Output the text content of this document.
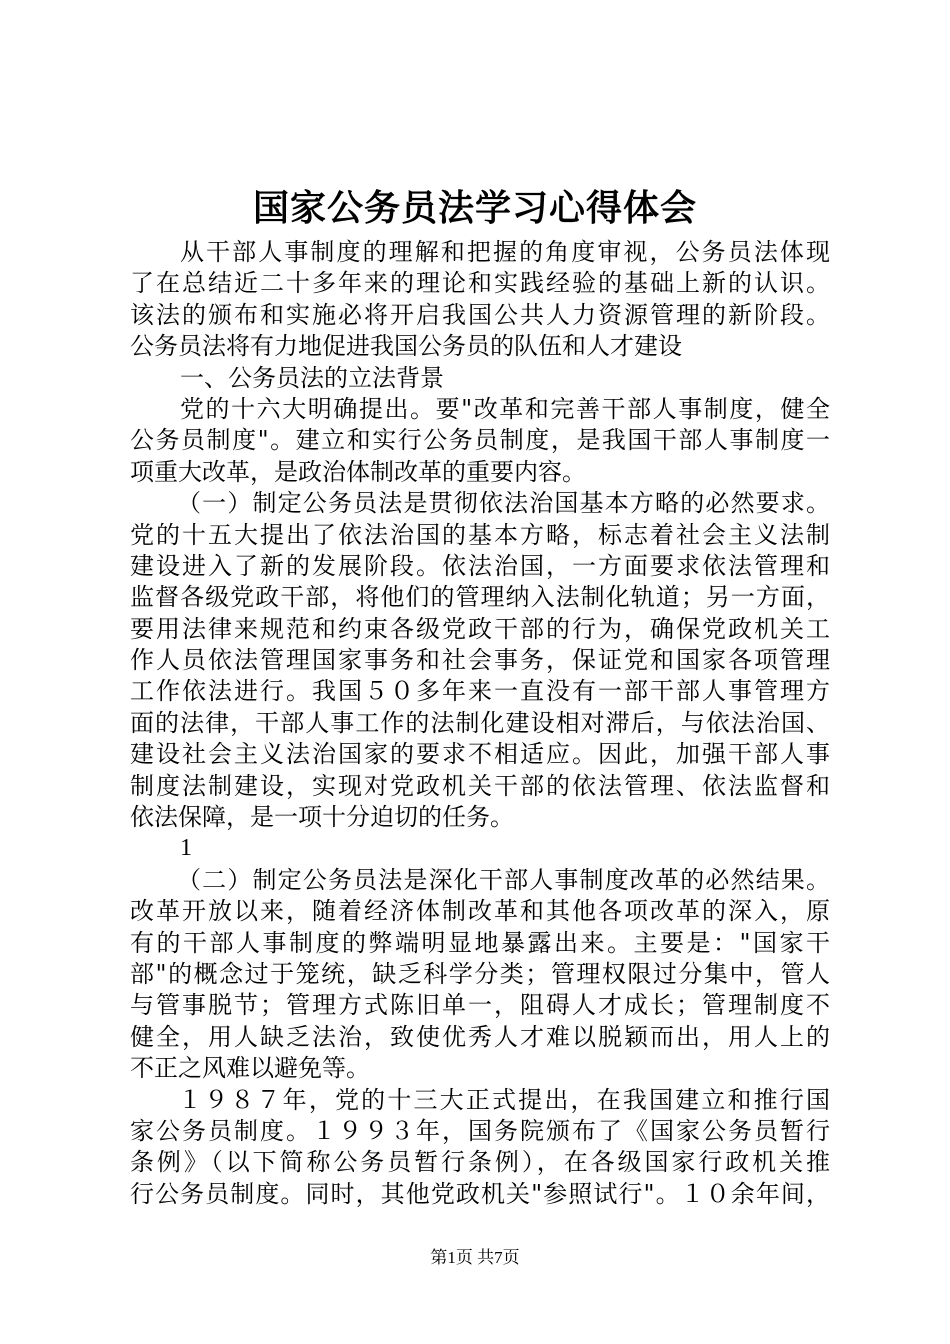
国家公务员法学习心得体会
从干部人事制度的理解和把握的角度审视，公务员法体现
了在总结近二十多年来的理论和实践经验的基础上新的认识。
该法的颁布和实施必将开启我国公共人力资源管理的新阶段。
公务员法将有力地促进我国公务员的队伍和人才建设
一、公务员法的立法背景
党的十六大明确提出。要"改革和完善干部人事制度，健全
公务员制度"。建立和实行公务员制度，是我国干部人事制度一
项重大改革，是政治体制改革的重要内容。
（一）制定公务员法是贯彻依法治国基本方略的必然要求。
党的十五大提出了依法治国的基本方略，标志着社会主义法制
建设进入了新的发展阶段。依法治国，一方面要求依法管理和
监督各级党政干部，将他们的管理纳入法制化轨道；另一方面，
要用法律来规范和约束各级党政干部的行为，确保党政机关工
作人员依法管理国家事务和社会事务，保证党和国家各项管理
工作依法进行。我国５０多年来一直没有一部干部人事管理方
面的法律，干部人事工作的法制化建设相对滞后，与依法治国、
建设社会主义法治国家的要求不相适应。因此，加强干部人事
制度法制建设，实现对党政机关干部的依法管理、依法监督和
依法保障，是一项十分迫切的任务。
1
（二）制定公务员法是深化干部人事制度改革的必然结果。
改革开放以来，随着经济体制改革和其他各项改革的深入，原
有的干部人事制度的弊端明显地暴露出来。主要是："国家干
部"的概念过于笼统，缺乏科学分类；管理权限过分集中，管人
与管事脱节；管理方式陈旧单一，阻碍人才成长；管理制度不
健全，用人缺乏法治，致使优秀人才难以脱颖而出，用人上的
不正之风难以避免等。
１９８７年，党的十三大正式提出，在我国建立和推行国
家公务员制度。１９９３年，国务院颁布了《国家公务员暂行
条例》（以下简称公务员暂行条例），在各级国家行政机关推
行公务员制度。同时，其他党政机关"参照试行"。１０余年间，
第1页 共7页
